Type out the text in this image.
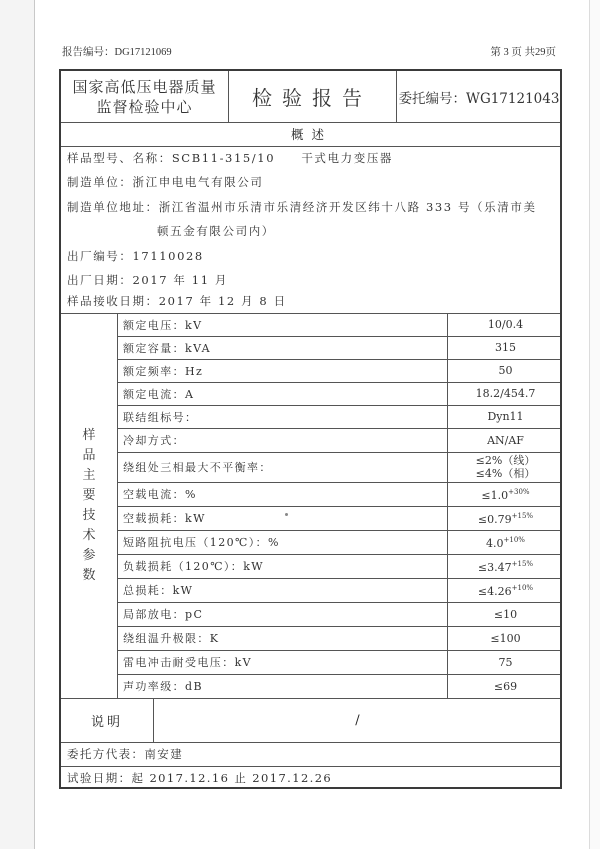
报告编号：DG17121069	第 3 页 共29页
国家高低压电器质量
监督检验中心	检验报告	委托编号：WG17121043
概述
样品型号、名称： SCB11-315/10　　干式电力变压器
制造单位： 浙江申电电气有限公司
制造单位地址： 浙江省温州市乐清市乐清经济开发区纬十八路 333 号（乐清市美
顿五金有限公司内）
出厂编号： 17110028
出厂日期： 2017 年 11 月
样品接收日期： 2017 年 12 月 8 日
样
品
主
要
技
术
参
数
额定电压：kV	10/0.4
额定容量：kVA	315
额定频率：Hz	50
额定电流：A	18.2/454.7
联结组标号：	Dyn11
冷却方式：	AN/AF
绕组处三相最大不平衡率：
≤2%（线）
≤4%（相）
空载电流：%	$\le 1.0^{+30\%}$
空载损耗：kW	$\le 0.79^{+15\%}$
短路阻抗电压（120℃）：%	$4.0^{+10\%}$
负载损耗（120℃）：kW	$\le 3.47^{+15\%}$
总损耗：kW	$\le 4.26^{+10\%}$
局部放电：pC	≤10
绕组温升极限：K	≤100
雷电冲击耐受电压：kV	75
声功率级：dB	≤69
说明	/
委托方代表：南安建
试验日期：起 2017.12.16 止 2017.12.26
